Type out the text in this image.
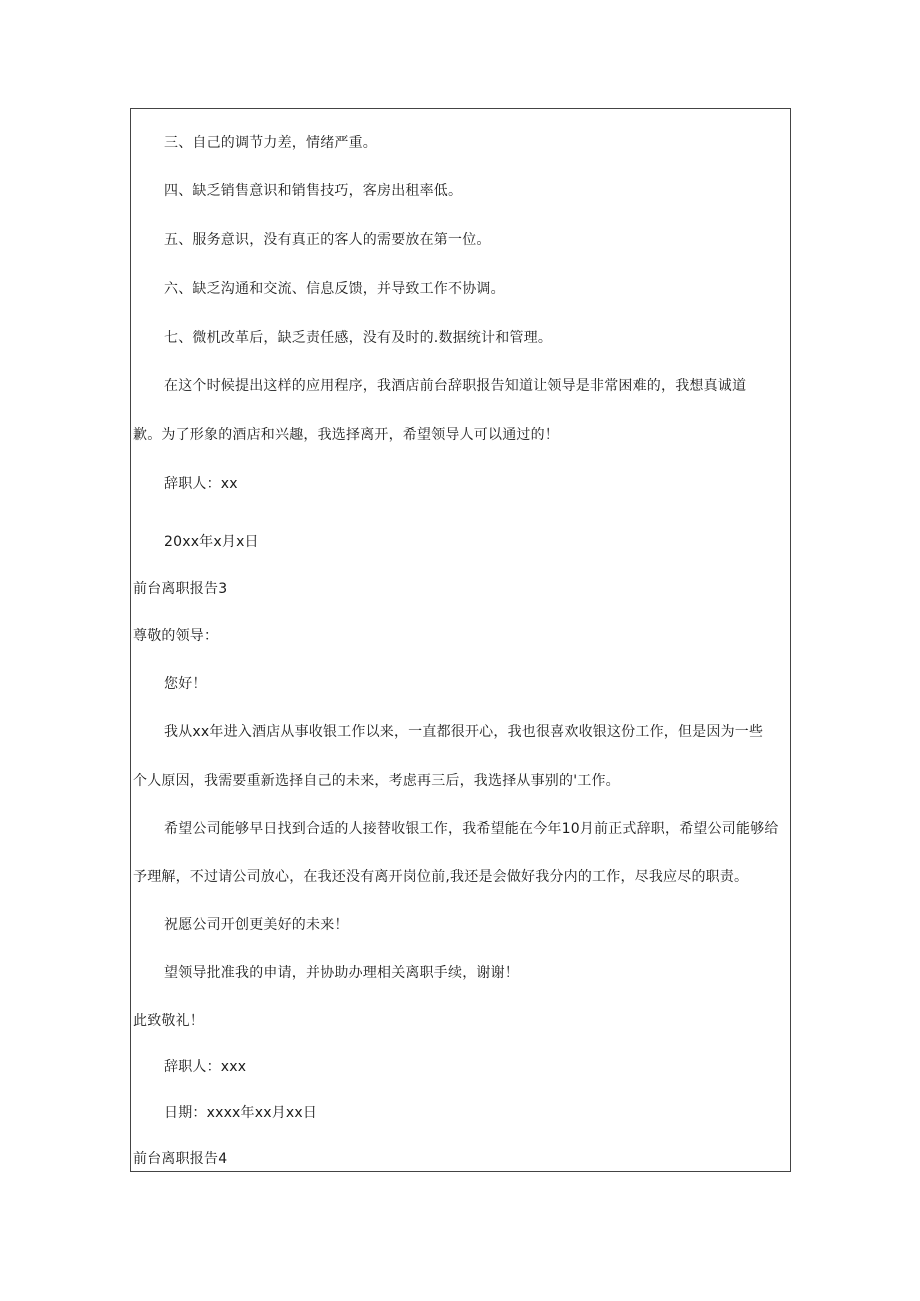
三、自己的调节力差，情绪严重。
四、缺乏销售意识和销售技巧，客房出租率低。
五、服务意识，没有真正的客人的需要放在第一位。
六、缺乏沟通和交流、信息反馈，并导致工作不协调。
七、微机改革后，缺乏责任感，没有及时的.数据统计和管理。
在这个时候提出这样的应用程序，我酒店前台辞职报告知道让领导是非常困难的，我想真诚道
歉。为了形象的酒店和兴趣，我选择离开，希望领导人可以通过的！
辞职人：xx
20xx年x月x日
前台离职报告3
尊敬的领导：
您好！
我从xx年进入酒店从事收银工作以来，一直都很开心，我也很喜欢收银这份工作，但是因为一些
个人原因，我需要重新选择自己的未来，考虑再三后，我选择从事别的'工作。
希望公司能够早日找到合适的人接替收银工作，我希望能在今年10月前正式辞职，希望公司能够给
予理解，不过请公司放心，在我还没有离开岗位前,我还是会做好我分内的工作，尽我应尽的职责。
祝愿公司开创更美好的未来！
望领导批准我的申请，并协助办理相关离职手续，谢谢！
此致敬礼！
辞职人：xxx
日期：xxxx年xx月xx日
前台离职报告4
